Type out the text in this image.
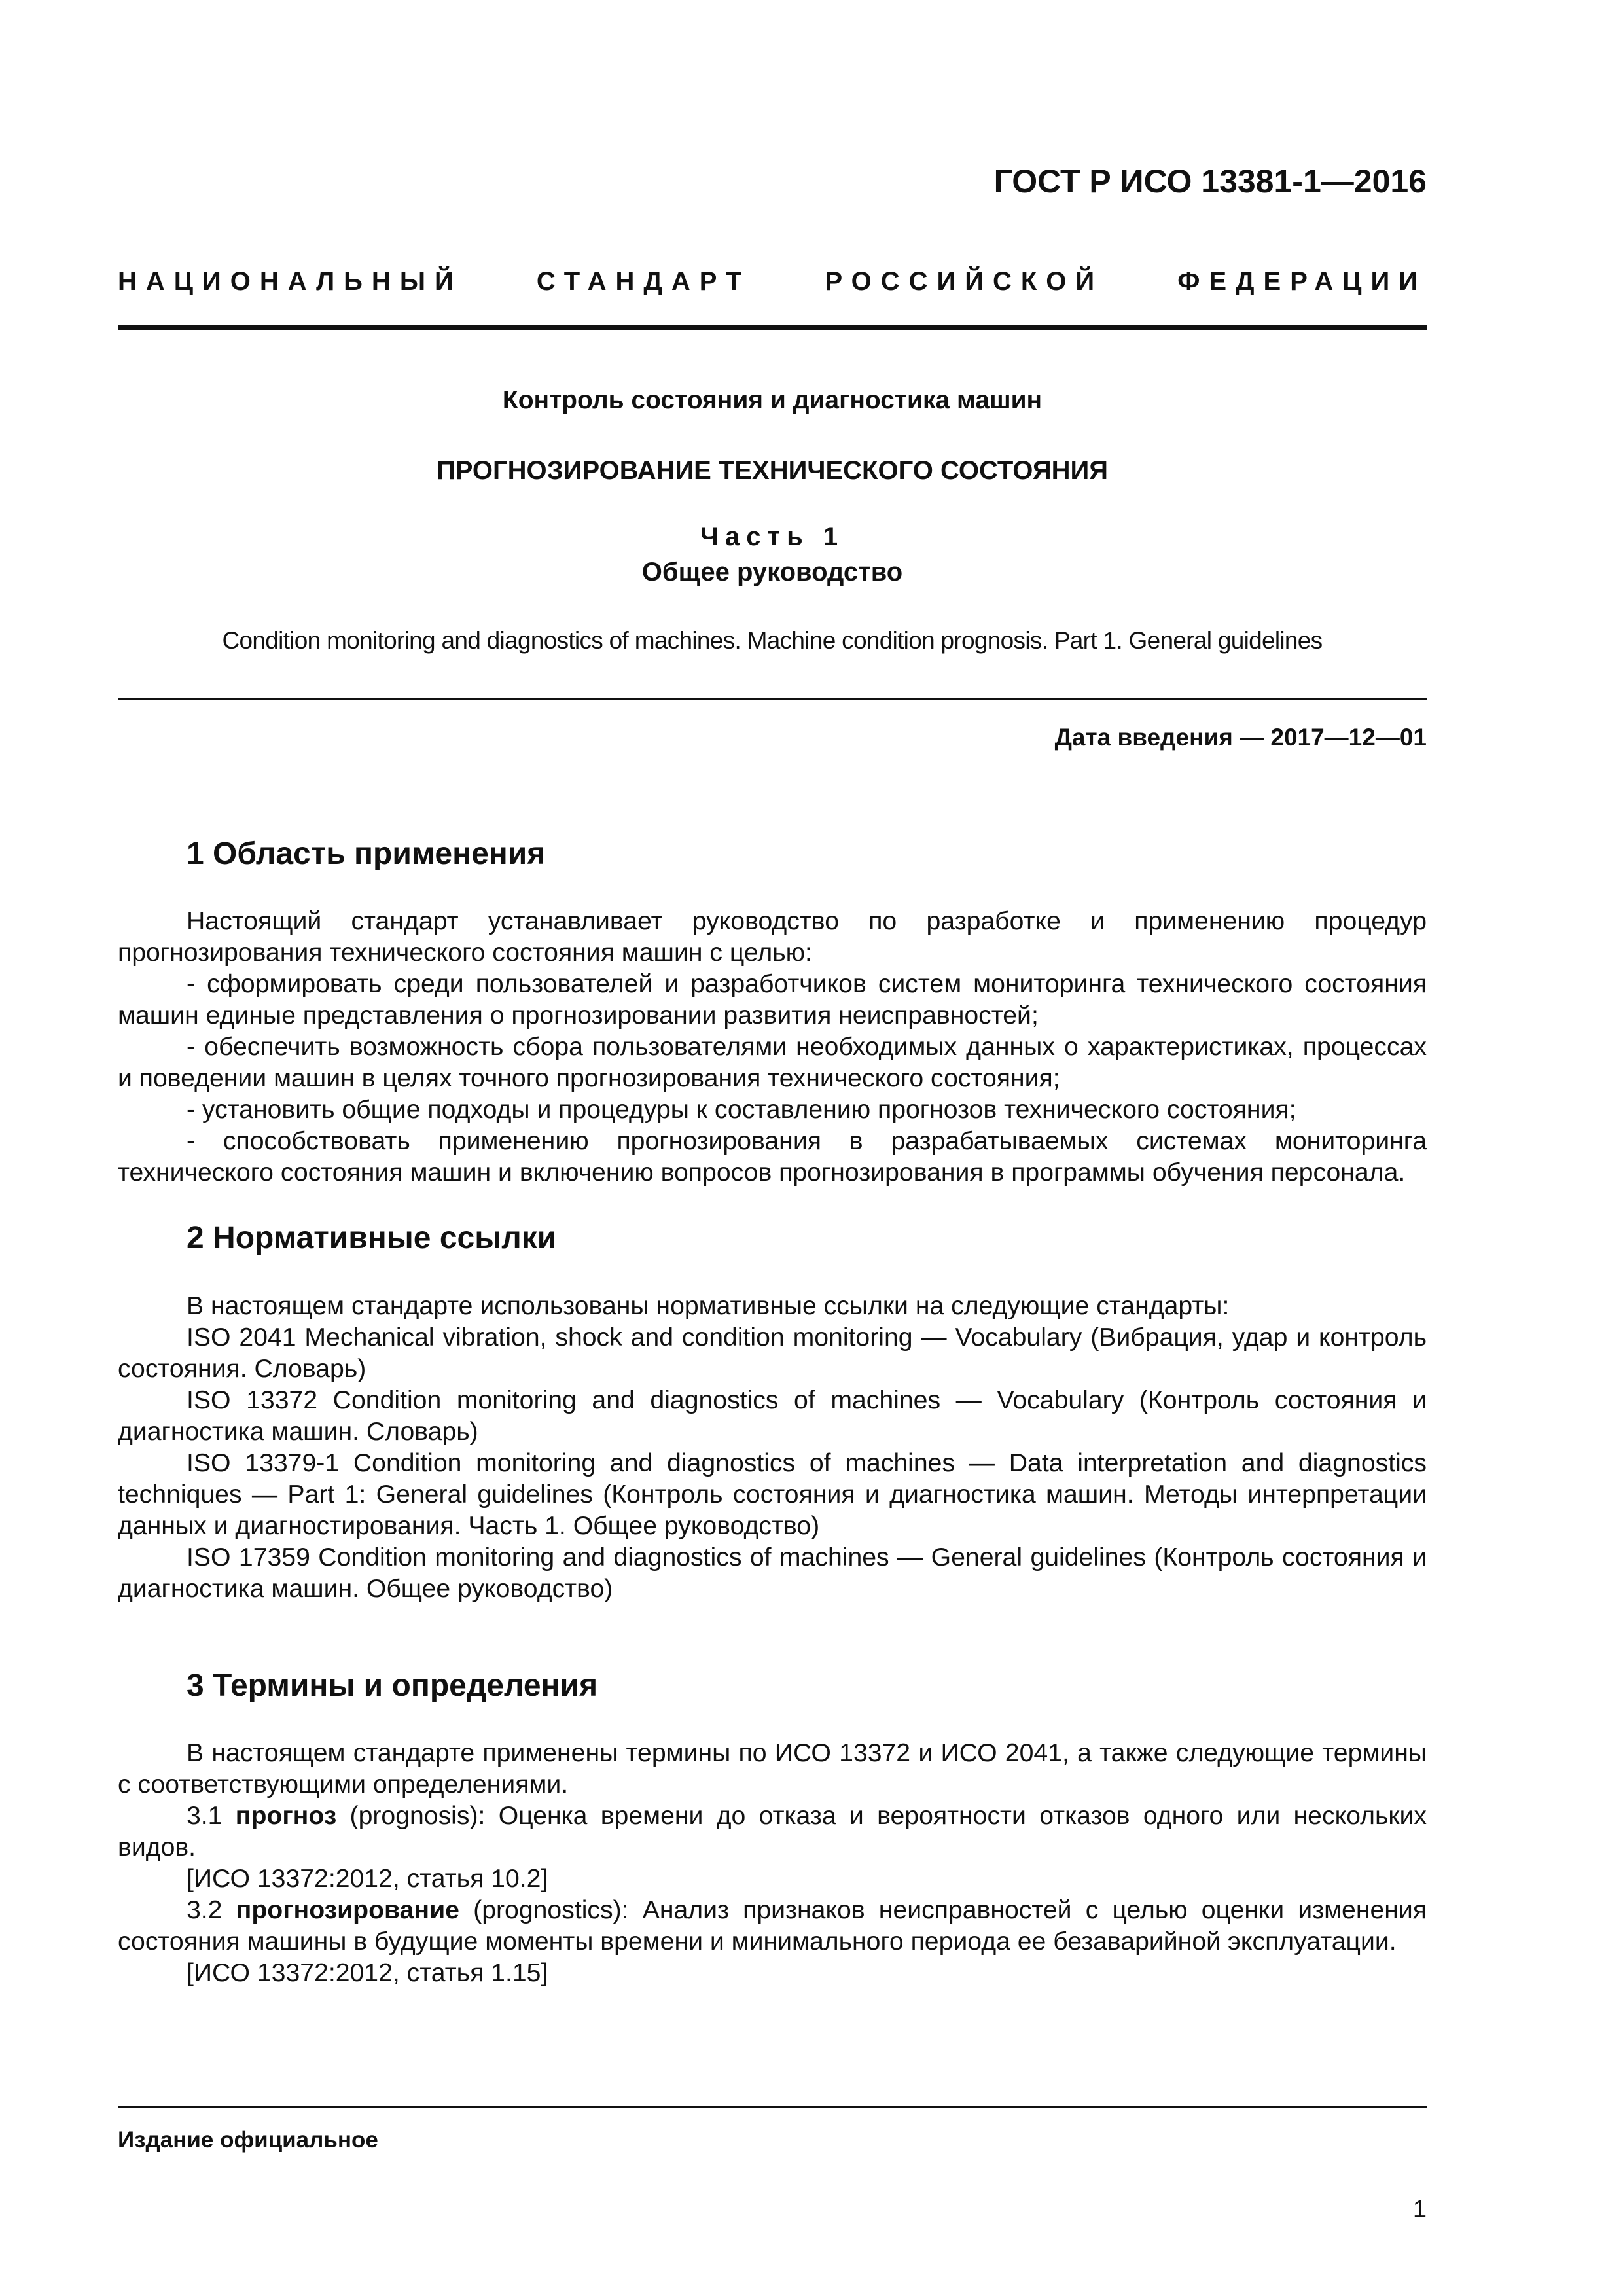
ГОСТ Р ИСО 13381-1—2016
НАЦИОНАЛЬНЫЙ СТАНДАРТ РОССИЙСКОЙ ФЕДЕРАЦИИ
Контроль состояния и диагностика машин
ПРОГНОЗИРОВАНИЕ ТЕХНИЧЕСКОГО СОСТОЯНИЯ
Часть 1
Общее руководство
Condition monitoring and diagnostics of machines. Machine condition prognosis. Part 1. General guidelines
Дата введения — 2017—12—01
1 Область применения

Настоящий стандарт устанавливает руководство по разработке и применению процедур прогнозирования технического состояния машин с целью:

- сформировать среди пользователей и разработчиков систем мониторинга технического состояния машин единые представления о прогнозировании развития неисправностей;

- обеспечить возможность сбора пользователями необходимых данных о характеристиках, процессах и поведении машин в целях точного прогнозирования технического состояния;

- установить общие подходы и процедуры к составлению прогнозов технического состояния;

- способствовать применению прогнозирования в разрабатываемых системах мониторинга технического состояния машин и включению вопросов прогнозирования в программы обучения персонала.

2 Нормативные ссылки

В настоящем стандарте использованы нормативные ссылки на следующие стандарты:

ISO 2041 Mechanical vibration, shock and condition monitoring — Vocabulary (Вибрация, удар и контроль состояния. Словарь)

ISO 13372 Condition monitoring and diagnostics of machines — Vocabulary (Контроль состояния и диагностика машин. Словарь)

ISO 13379-1 Condition monitoring and diagnostics of machines — Data interpretation and diagnostics techniques — Part 1: General guidelines (Контроль состояния и диагностика машин. Методы интерпретации данных и диагностирования. Часть 1. Общее руководство)

ISO 17359 Condition monitoring and diagnostics of machines — General guidelines (Контроль состояния и диагностика машин. Общее руководство)

3 Термины и определения

В настоящем стандарте применены термины по ИСО 13372 и ИСО 2041, а также следующие термины с соответствующими определениями.

3.1 прогноз (prognosis): Оценка времени до отказа и вероятности отказов одного или нескольких видов.

[ИСО 13372:2012, статья 10.2]

3.2 прогнозирование (prognostics): Анализ признаков неисправностей с целью оценки изменения состояния машины в будущие моменты времени и минимального периода ее безаварийной эксплуатации.

[ИСО 13372:2012, статья 1.15]

Издание официальное
1
